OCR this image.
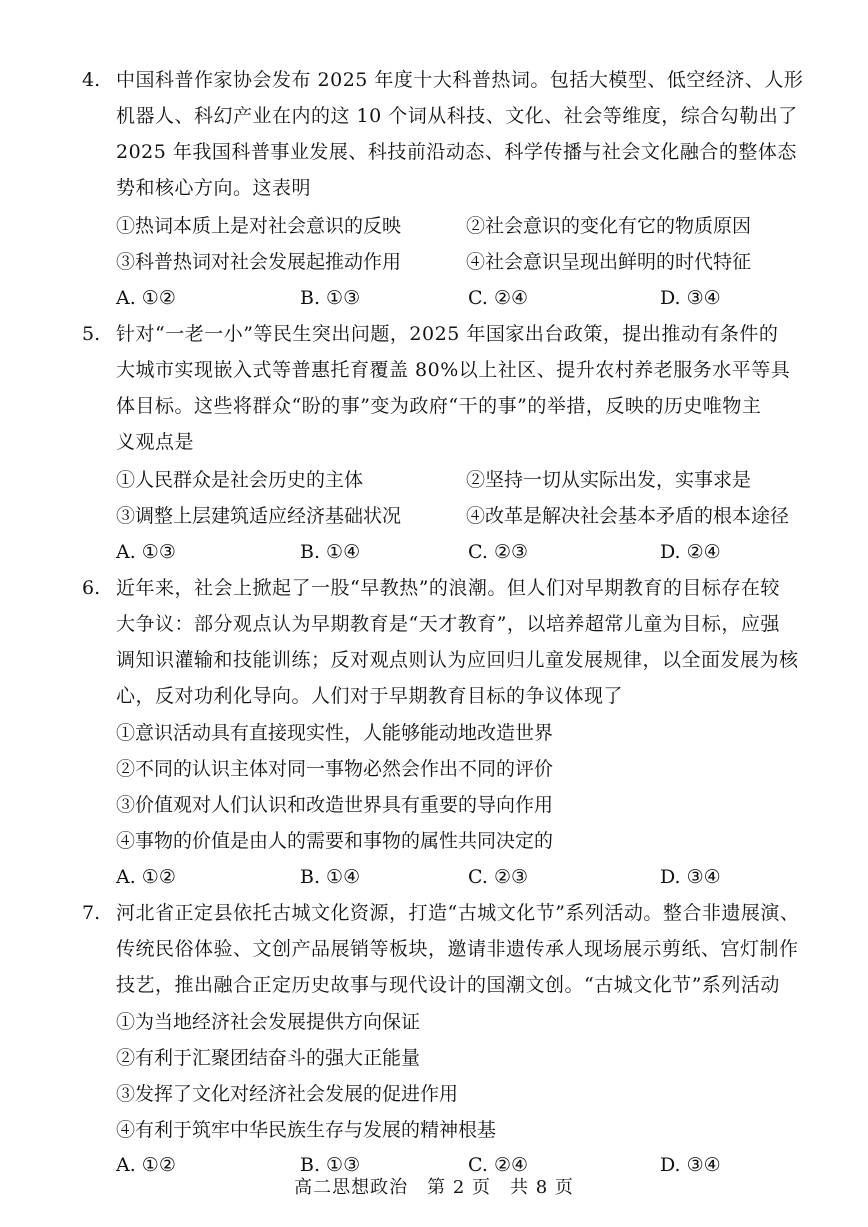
4. 中国科普作家协会发布 2025 年度十大科普热词。包括大模型、低空经济、人形
机器人、科幻产业在内的这 10 个词从科技、文化、社会等维度，综合勾勒出了
2025 年我国科普事业发展、科技前沿动态、科学传播与社会文化融合的整体态
势和核心方向。这表明
①热词本质上是对社会意识的反映	②社会意识的变化有它的物质原因
③科普热词对社会发展起推动作用	④社会意识呈现出鲜明的时代特征
A. ①②	B. ①③	C. ②④	D. ③④
5. 针对“一老一小”等民生突出问题，2025 年国家出台政策，提出推动有条件的
大城市实现嵌入式等普惠托育覆盖 80%以上社区、提升农村养老服务水平等具
体目标。这些将群众“盼的事”变为政府“干的事”的举措，反映的历史唯物主
义观点是
①人民群众是社会历史的主体	②坚持一切从实际出发，实事求是
③调整上层建筑适应经济基础状况	④改革是解决社会基本矛盾的根本途径
A. ①③	B. ①④	C. ②③	D. ②④
6. 近年来，社会上掀起了一股“早教热”的浪潮。但人们对早期教育的目标存在较
大争议：部分观点认为早期教育是“天才教育”，以培养超常儿童为目标，应强
调知识灌输和技能训练；反对观点则认为应回归儿童发展规律，以全面发展为核
心，反对功利化导向。人们对于早期教育目标的争议体现了
①意识活动具有直接现实性，人能够能动地改造世界
②不同的认识主体对同一事物必然会作出不同的评价
③价值观对人们认识和改造世界具有重要的导向作用
④事物的价值是由人的需要和事物的属性共同决定的
A. ①②	B. ①④	C. ②③	D. ③④
7. 河北省正定县依托古城文化资源，打造“古城文化节”系列活动。整合非遗展演、
传统民俗体验、文创产品展销等板块，邀请非遗传承人现场展示剪纸、宫灯制作
技艺，推出融合正定历史故事与现代设计的国潮文创。“古城文化节”系列活动
①为当地经济社会发展提供方向保证
②有利于汇聚团结奋斗的强大正能量
③发挥了文化对经济社会发展的促进作用
④有利于筑牢中华民族生存与发展的精神根基
A. ①②	B. ①③	C. ②④	D. ③④
高二思想政治　第 2 页　共 8 页
